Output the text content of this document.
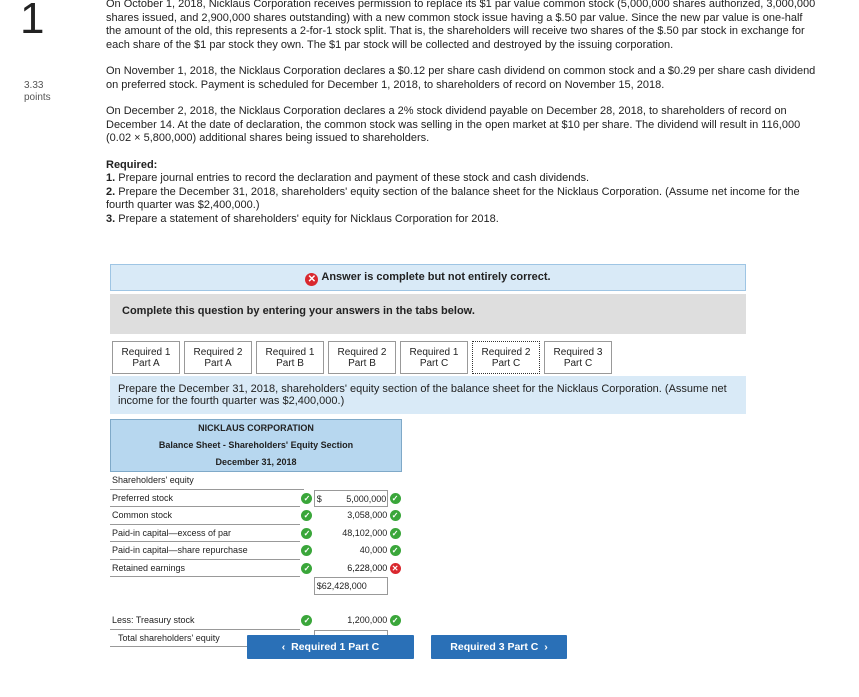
1
3.33
points

On October 1, 2018, Nicklaus Corporation receives permission to replace its $1 par value common stock (5,000,000 shares authorized, 3,000,000 shares issued, and 2,900,000 shares outstanding) with a new common stock issue having a $.50 par value. Since the new par value is one-half the amount of the old, this represents a 2-for-1 stock split. That is, the shareholders will receive two shares of the $.50 par stock in exchange for each share of the $1 par stock they own. The $1 par stock will be collected and destroyed by the issuing corporation.

On November 1, 2018, the Nicklaus Corporation declares a $0.12 per share cash dividend on common stock and a $0.29 per share cash dividend on preferred stock. Payment is scheduled for December 1, 2018, to shareholders of record on November 15, 2018.

On December 2, 2018, the Nicklaus Corporation declares a 2% stock dividend payable on December 28, 2018, to shareholders of record on December 14. At the date of declaration, the common stock was selling in the open market at $10 per share. The dividend will result in 116,000 (0.02 × 5,800,000) additional shares being issued to shareholders.

Required:

1. Prepare journal entries to record the declaration and payment of these stock and cash dividends.

2. Prepare the December 31, 2018, shareholders' equity section of the balance sheet for the Nicklaus Corporation. (Assume net income for the fourth quarter was $2,400,000.)

3. Prepare a statement of shareholders' equity for Nicklaus Corporation for 2018.

✕ Answer is complete but not entirely correct.
Complete this question by entering your answers in the tabs below.
Required 1
Part A
Required 2
Part A
Required 1
Part B
Required 2
Part B
Required 1
Part C
Required 2
Part C
Required 3
Part C
Prepare the December 31, 2018, shareholders' equity section of the balance sheet for the Nicklaus Corporation. (Assume net income for the fourth quarter was $2,400,000.)
NICKLAUS CORPORATION
Balance Sheet - Shareholders' Equity Section
December 31, 2018
Shareholders' equity
Preferred stock	✓ $	5,000,000 ✓
Common stock	✓	3,058,000 ✓
Paid-in capital—excess of par	✓	48,102,000 ✓
Paid-in capital—share repurchase	✓	40,000 ✓
Retained earnings	✓	6,228,000 ✕
$62,428,000
Less: Treasury stock	✓	1,200,000 ✓
Total shareholders' equity
‹ Required 1 Part C	Required 3 Part C ›
